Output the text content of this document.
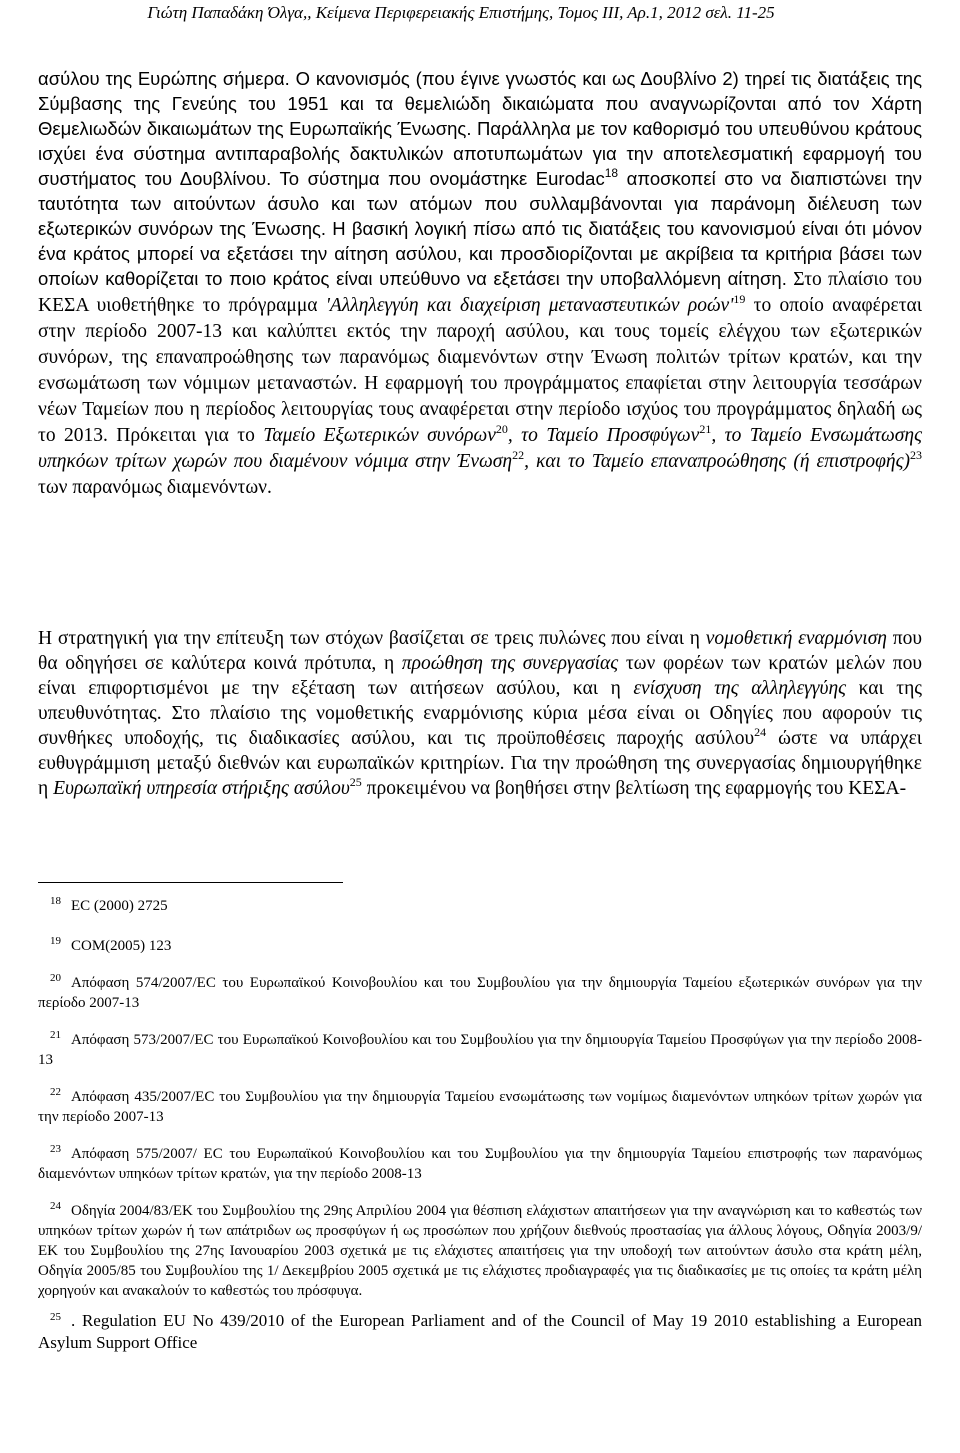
Γιώτη Παπαδάκη Όλγα,, Κείμενα Περιφερειακής Επιστήμης, Τομος ΙΙΙ, Αρ.1, 2012 σελ. 11-25

ασύλου της Ευρώπης σήμερα. Ο κανονισμός (που έγινε γνωστός και ως Δουβλίνο 2) τηρεί τις διατάξεις της Σύμβασης της Γενεύης του 1951 και τα θεμελιώδη δικαιώματα που αναγνωρίζονται από τον Χάρτη Θεμελιωδών δικαιωμάτων της Ευρωπαϊκής Ένωσης. Παράλληλα με τον καθορισμό του υπευθύνου κράτους ισχύει ένα σύστημα αντιπαραβολής δακτυλικών αποτυπωμάτων για την αποτελεσματική εφαρμογή του συστήματος του Δουβλίνου. Το σύστημα που ονομάστηκε Eurodac$^{18}$ αποσκοπεί στο να διαπιστώνει την ταυτότητα των αιτούντων άσυλο και των ατόμων που συλλαμβάνονται για παράνομη διέλευση των εξωτερικών συνόρων της Ένωσης. Η βασική λογική πίσω από τις διατάξεις του κανονισμού είναι ότι μόνον ένα κράτος μπορεί να εξετάσει την αίτηση ασύλου, και προσδιορίζονται με ακρίβεια τα κριτήρια βάσει των οποίων καθορίζεται το ποιο κράτος είναι υπεύθυνο να εξετάσει την υποβαλλόμενη αίτηση. Στο πλαίσιο του ΚΕΣΑ υιοθετήθηκε το πρόγραμμα 'Αλληλεγγύη και διαχείριση μεταναστευτικών $\rho oώ\nu'^{19}$ το οποίο αναφέρεται στην περίοδο 2007-13 και καλύπτει εκτός την παροχή ασύλου, και τους τομείς ελέγχου των εξωτερικών συνόρων, της επαναπροώθησης των παρανόμως διαμενόντων στην Ένωση πολιτών τρίτων κρατών, και την ενσωμάτωση των νόμιμων μεταναστών. Η εφαρμογή του προγράμματος επαφίεται στην λειτουργία τεσσάρων νέων Ταμείων που η περίοδος λειτουργίας τους αναφέρεται στην περίοδο ισχύος του προγράμματος δηλαδή ως το 2013. Πρόκειται για το Ταμείο Εξωτερικών συνόρων$^{20}$, το Ταμείο Προσφύγων$^{21}$, το Ταμείο Ενσωμάτωσης υπηκόων τρίτων χωρών που διαμένουν νόμιμα στην Ένωση$^{22}$, και το Ταμείο επαναπροώθησης (ή επιστροφής)$^{23}$ των παρανόμως διαμενόντων.

Η στρατηγική για την επίτευξη των στόχων βασίζεται σε τρεις πυλώνες που είναι η νομοθετική εναρμόνιση που θα οδηγήσει σε καλύτερα κοινά πρότυπα, η προώθηση της συνεργασίας των φορέων των κρατών μελών που είναι επιφορτισμένοι με την εξέταση των αιτήσεων ασύλου, και η ενίσχυση της αλληλεγγύης και της υπευθυνότητας. Στο πλαίσιο της νομοθετικής εναρμόνισης κύρια μέσα είναι οι Οδηγίες που αφορούν τις συνθήκες υποδοχής, τις διαδικασίες ασύλου, και τις προϋποθέσεις παροχής ασύλου$^{24}$ ώστε να υπάρχει ευθυγράμμιση μεταξύ διεθνών και ευρωπαϊκών κριτηρίων. Για την προώθηση της συνεργασίας δημιουργήθηκε η Ευρωπαϊκή υπηρεσία στήριξης ασύλου$^{25}$ προκειμένου να βοηθήσει στην βελτίωση της εφαρμογής του ΚΕΣΑ-

$^{18}$ EC (2000) 2725

$^{19}$ COM(2005) 123

$^{20}$ Απόφαση 574/2007/ΕC του Ευρωπαϊκού Κοινοβουλίου και του Συμβουλίου για την δημιουργία Ταμείου εξωτερικών συνόρων για την περίοδο 2007-13

$^{21}$ Απόφαση 573/2007/ΕC του Ευρωπαϊκού Κοινοβουλίου και του Συμβουλίου για την δημιουργία Ταμείου Προσφύγων για την περίοδο 2008-13

$^{22}$ Απόφαση 435/2007/ΕC του Συμβουλίου για την δημιουργία Ταμείου ενσωμάτωσης των νομίμως διαμενόντων υπηκόων τρίτων χωρών για την περίοδο 2007-13

$^{23}$ Απόφαση 575/2007/ EC του Ευρωπαϊκού Κοινοβουλίου και του Συμβουλίου για την δημιουργία Ταμείου επιστροφής των παρανόμως διαμενόντων υπηκόων τρίτων κρατών, για την περίοδο 2008-13

$^{24}$ Οδηγία 2004/83/ΕΚ του Συμβουλίου της 29ης Απριλίου 2004 για θέσπιση ελάχιστων απαιτήσεων για την αναγνώριση και το καθεστώς των υπηκόων τρίτων χωρών ή των απάτριδων ως προσφύγων ή ως προσώπων που χρήζουν διεθνούς προστασίας για άλλους λόγους, Οδηγία 2003/9/ΕΚ του Συμβουλίου της 27ης Ιανουαρίου 2003 σχετικά με τις ελάχιστες απαιτήσεις για την υποδοχή των αιτούντων άσυλο στα κράτη μέλη, Οδηγία 2005/85 του Συμβουλίου της 1/ Δεκεμβρίου 2005 σχετικά με τις ελάχιστες προδιαγραφές για τις διαδικασίες με τις οποίες τα κράτη μέλη χορηγούν και ανακαλούν το καθεστώς του πρόσφυγα.

$^{25}$ . Regulation EU No 439/2010 of the European Parliament and of the Council of May 19 2010 establishing a European Asylum Support Office
